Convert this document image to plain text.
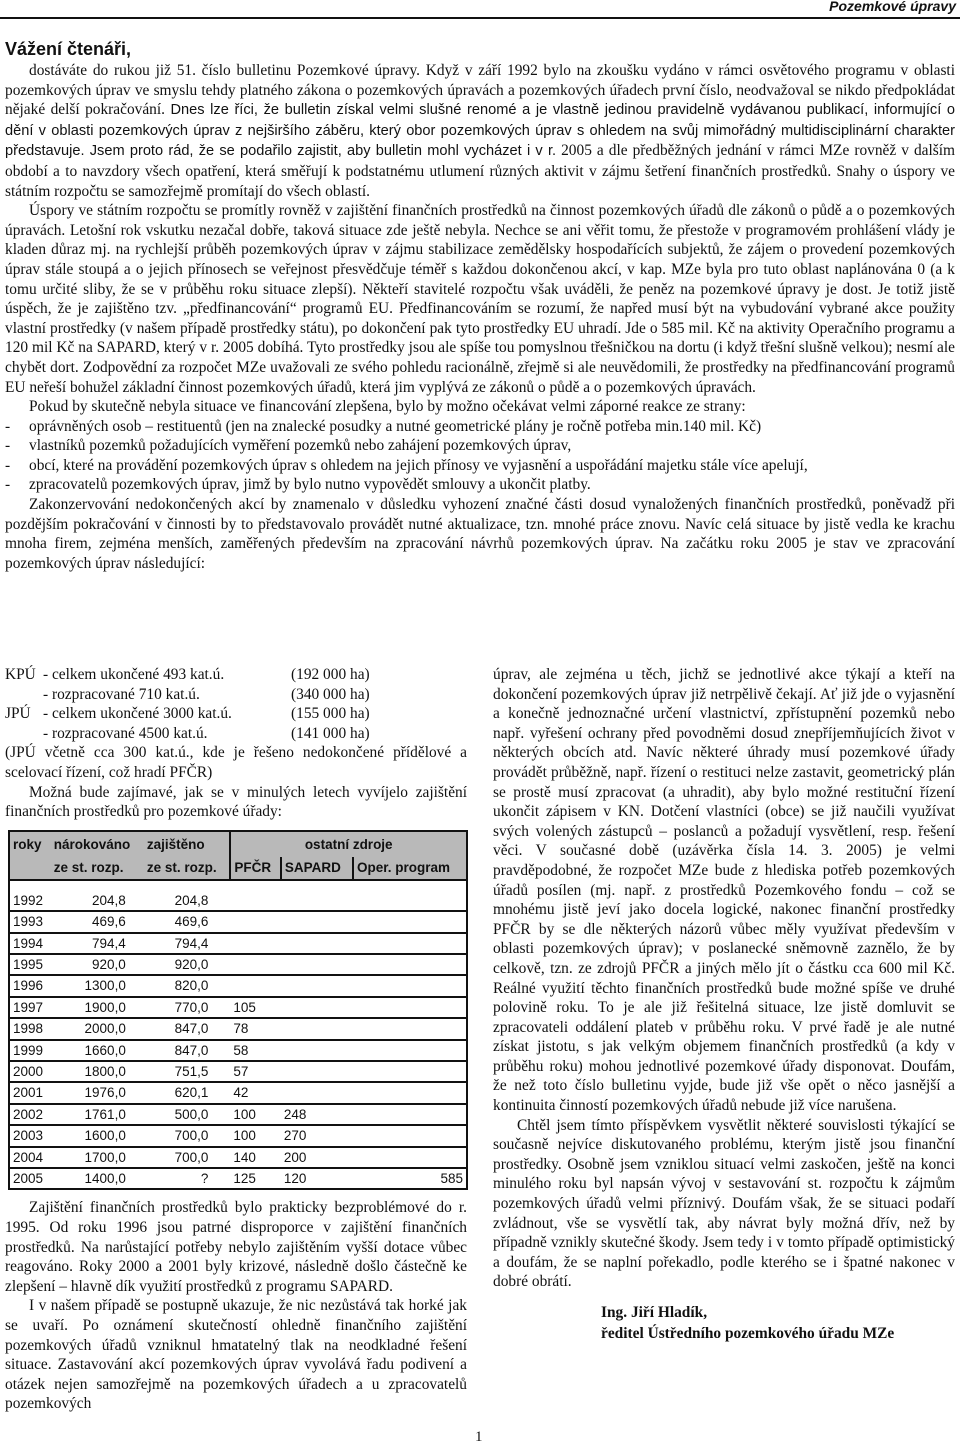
Pozemkové úpravy
Vážení čtenáři,

dostáváte do rukou již 51. číslo bulletinu Pozemkové úpravy. Když v září 1992 bylo na zkoušku vydáno v rámci osvětového programu v oblasti pozemkových úprav ve smyslu tehdy platného zákona o pozemkových úpravách a pozemkových úřadech první číslo, neodvažoval se nikdo předpokládat nějaké delší pokračování. Dnes lze říci, že bulletin získal velmi slušné renomé a je vlastně jedinou pravidelně vydávanou publikací, informující o dění v oblasti pozemkových úprav z nejširšího záběru, který obor pozemkových úprav s ohledem na svůj mimořádný multidisciplinární charakter představuje. Jsem proto rád, že se podařilo zajistit, aby bulletin mohl vycházet i v r. 2005 a dle předběžných jednání v rámci MZe rovněž v dalším období a to navzdory všech opatření, která směřují k podstatnému utlumení různých aktivit v zájmu šetření finančních prostředků. Snahy o úspory ve státním rozpočtu se samozřejmě promítají do všech oblastí.

Úspory ve státním rozpočtu se promítly rovněž v zajištění finančních prostředků na činnost pozemkových úřadů dle zákonů o půdě a o pozemkových úpravách. Letošní rok vskutku nezačal dobře, taková situace zde ještě nebyla. Nechce se ani věřit tomu, že přestože v programovém prohlášení vlády je kladen důraz mj. na rychlejší průběh pozemkových úprav v zájmu stabilizace zemědělsky hospodařících subjektů, že zájem o provedení pozemkových úprav stále stoupá a o jejich přínosech se veřejnost přesvědčuje téměř s každou dokončenou akcí, v kap. MZe byla pro tuto oblast naplánována 0 (a k tomu určité sliby, že se v průběhu roku situace zlepší). Někteří stavitelé rozpočtu však uváděli, že peněz na pozemkové úpravy je dost. Je totiž jistě úspěch, že je zajištěno tzv. „předfinancování“ programů EU. Předfinancováním se rozumí, že napřed musí být na vybudování vybrané akce použity vlastní prostředky (v našem případě prostředky státu), po dokončení pak tyto prostředky EU uhradí. Jde o 585 mil. Kč na aktivity Operačního programu a 120 mil Kč na SAPARD, který v r. 2005 dobíhá. Tyto prostředky jsou ale spíše tou pomyslnou třešničkou na dortu (i když třešní slušně velkou); nesmí ale chybět dort. Zodpovědní za rozpočet MZe uvažovali ze svého pohledu racionálně, zřejmě si ale neuvědomili, že prostředky na předfinancování programů EU neřeší bohužel základní činnost pozemkových úřadů, která jim vyplývá ze zákonů o půdě a o pozemkových úpravách.

Pokud by skutečně nebyla situace ve financování zlepšena, bylo by možno očekávat velmi záporné reakce ze strany:

-	oprávněných osob – restituentů (jen na znalecké posudky a nutné geometrické plány je ročně potřeba min.140 mil. Kč)
-	vlastníků pozemků požadujících vyměření pozemků nebo zahájení pozemkových úprav,
-	obcí, které na provádění pozemkových úprav s ohledem na jejich přínosy ve vyjasnění a uspořádání majetku stále více apelují,
-	zpracovatelů pozemkových úprav, jimž by bylo nutno vypovědět smlouvy a ukončit platby.

Zakonzervování nedokončených akcí by znamenalo v důsledku vyhození značné části dosud vynaložených finančních prostředků, poněvadž při pozdějším pokračování v činnosti by to představovalo provádět nutné aktualizace, tzn. mnohé práce znovu. Navíc celá situace by jistě vedla ke krachu mnoha firem, zejména menších, zaměřených především na zpracování návrhů pozemkových úprav. Na začátku roku 2005 je stav ve zpracování pozemkových úprav následující:

KPÚ - celkem ukončené 493 kat.ú.	(192 000 ha)
- rozpracované 710 kat.ú.	(340 000 ha)
JPÚ - celkem ukončené 3000 kat.ú.	(155 000 ha)
- rozpracované 4500 kat.ú.	(141 000 ha)

(JPÚ včetně cca 300 kat.ú., kde je řešeno nedokončené přídělové a scelovací řízení, což hradí PFČR)

Možná bude zajímavé, jak se v minulých letech vyvíjelo zajištění finančních prostředků pro pozemkové úřady:

roky	nárokováno	zajištěno	ostatní zdroje		
	ze st. rozp.	ze st. rozp.	PFČR	SAPARD	Oper. program

1992	204,8	204,8			
1993	469,6	469,6			
1994	794,4	794,4			
1995	920,0	920,0			
1996	1300,0	820,0			
1997	1900,0	770,0	105		
1998	2000,0	847,0	78		
1999	1660,0	847,0	58		
2000	1800,0	751,5	57		
2001	1976,0	620,1	42		
2002	1761,0	500,0	100	248	
2003	1600,0	700,0	100	270	
2004	1700,0	700,0	140	200	
2005	1400,0	?	125	120	585

Zajištění finančních prostředků bylo prakticky bezproblémové do r. 1995. Od roku 1996 jsou patrné disproporce v zajištění finančních prostředků. Na narůstající potřeby nebylo zajištěním vyšší dotace vůbec reagováno. Roky 2000 a 2001 byly krizové, následně došlo částečně ke zlepšení – hlavně dík využití prostředků z programu SAPARD.

I v našem případě se postupně ukazuje, že nic nezůstává tak horké jak se uvaří. Po oznámení skutečností ohledně finančního zajištění pozemkových úřadů vzniknul hmatatelný tlak na neodkladné řešení situace. Zastavování akcí pozemkových úprav vyvolává řadu podivení a otázek nejen samozřejmě na pozemkových úřadech a u zpracovatelů pozemkových

úprav, ale zejména u těch, jichž se jednotlivé akce týkají a kteří na dokončení pozemkových úprav již netrpělivě čekají. Ať již jde o vyjasnění a konečně jednoznačné určení vlastnictví, zpřístupnění pozemků nebo např. vyřešení ochrany před povodněmi dosud znepříjemňujících život v některých obcích atd. Navíc některé úhrady musí pozemkové úřady provádět průběžně, např. řízení o restituci nelze zastavit, geometrický plán se prostě musí zpracovat (a uhradit), aby bylo možné restituční řízení ukončit zápisem v KN. Dotčení vlastníci (obce) se již naučili využívat svých volených zástupců – poslanců a požadují vysvětlení, resp. řešení věci. V současné době (uzávěrka čísla 14. 3. 2005) je velmi pravděpodobné, že rozpočet MZe bude z hlediska potřeb pozemkových úřadů posílen (mj. např. z prostředků Pozemkového fondu – což se mnohému jistě jeví jako docela logické, nakonec finanční prostředky PFČR by se dle některých názorů vůbec měly využívat především v oblasti pozemkových úprav); v poslanecké sněmovně zaznělo, že by celkově, tzn. ze zdrojů PFČR a jiných mělo jít o částku cca 600 mil Kč. Reálné využití těchto finančních prostředků bude možné spíše ve druhé polovině roku. To je ale již řešitelná situace, lze jistě domluvit se zpracovateli oddálení plateb v průběhu roku. V prvé řadě je ale nutné získat jistotu, s jak velkým objemem finančních prostředků (a kdy v průběhu roku) mohou jednotlivé pozemkové úřady disponovat. Doufám, že než toto číslo bulletinu vyjde, bude již vše opět o něco jasnější a kontinuita činností pozemkových úřadů nebude již více narušena.

Chtěl jsem tímto příspěvkem vysvětlit některé souvislosti týkající se současně nejvíce diskutovaného problému, kterým jistě jsou finanční prostředky. Osobně jsem vzniklou situací velmi zaskočen, ještě na konci minulého roku byl napsán vývoj v sestavování st. rozpočtu k zájmům pozemkových úřadů velmi příznivý. Doufám však, že se situaci podaří zvládnout, vše se vysvětlí tak, aby návrat byly možná dřív, než by případně vznikly skutečné škody. Jsem tedy i v tomto případě optimistický a doufám, že se naplní pořekadlo, podle kterého se i špatné nakonec v dobré obrátí.

Ing. Jiří Hladík,
ředitel Ústředního pozemkového úřadu MZe
1
